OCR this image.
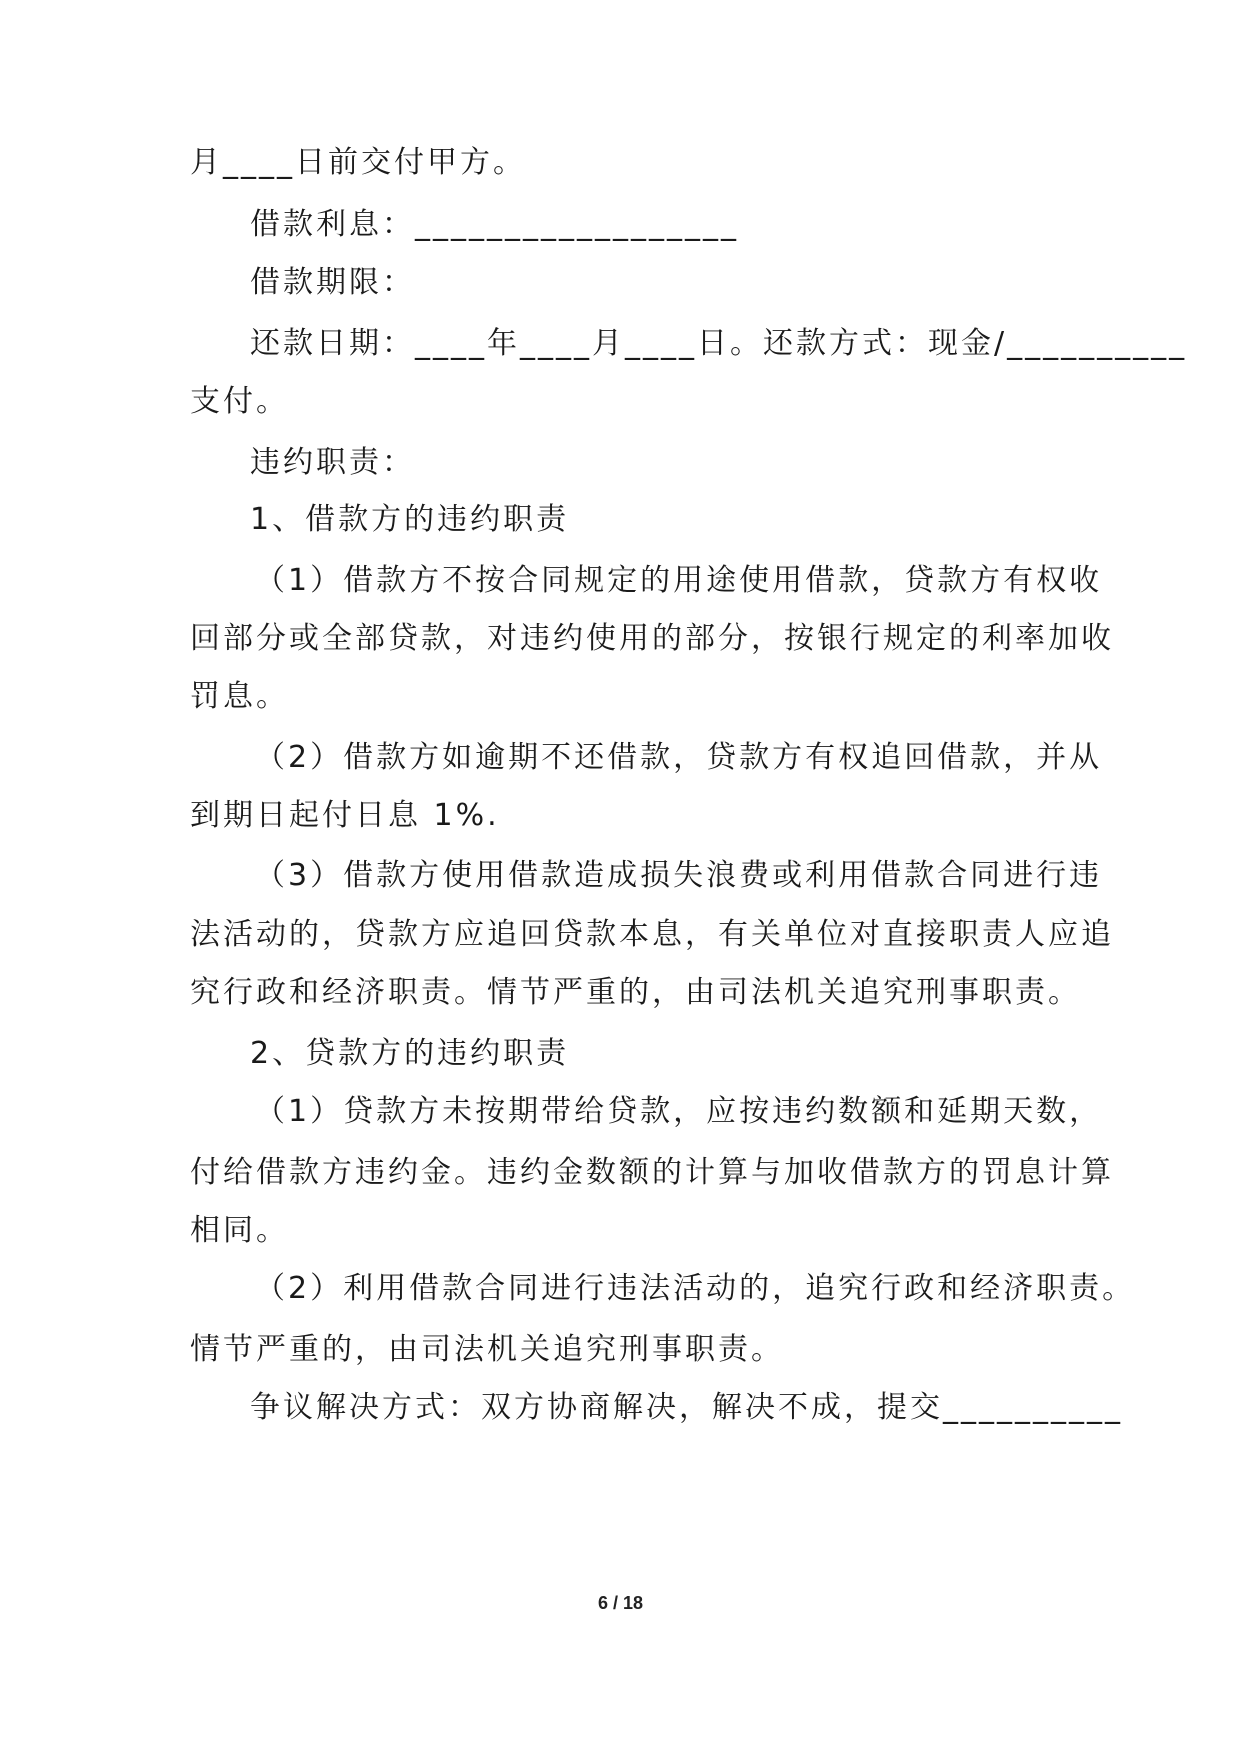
月____日前交付甲方。
借款利息：__________________
借款期限：
还款日期：____年____月____日。还款方式：现金/__________
支付。
违约职责：
1、借款方的违约职责
（1）借款方不按合同规定的用途使用借款，贷款方有权收
回部分或全部贷款，对违约使用的部分，按银行规定的利率加收
罚息。
（2）借款方如逾期不还借款，贷款方有权追回借款，并从
到期日起付日息 1%.
（3）借款方使用借款造成损失浪费或利用借款合同进行违
法活动的，贷款方应追回贷款本息，有关单位对直接职责人应追
究行政和经济职责。情节严重的，由司法机关追究刑事职责。
2、贷款方的违约职责
（1）贷款方未按期带给贷款，应按违约数额和延期天数，
付给借款方违约金。违约金数额的计算与加收借款方的罚息计算
相同。
（2）利用借款合同进行违法活动的，追究行政和经济职责。
情节严重的，由司法机关追究刑事职责。
争议解决方式：双方协商解决，解决不成，提交__________
6 / 18
